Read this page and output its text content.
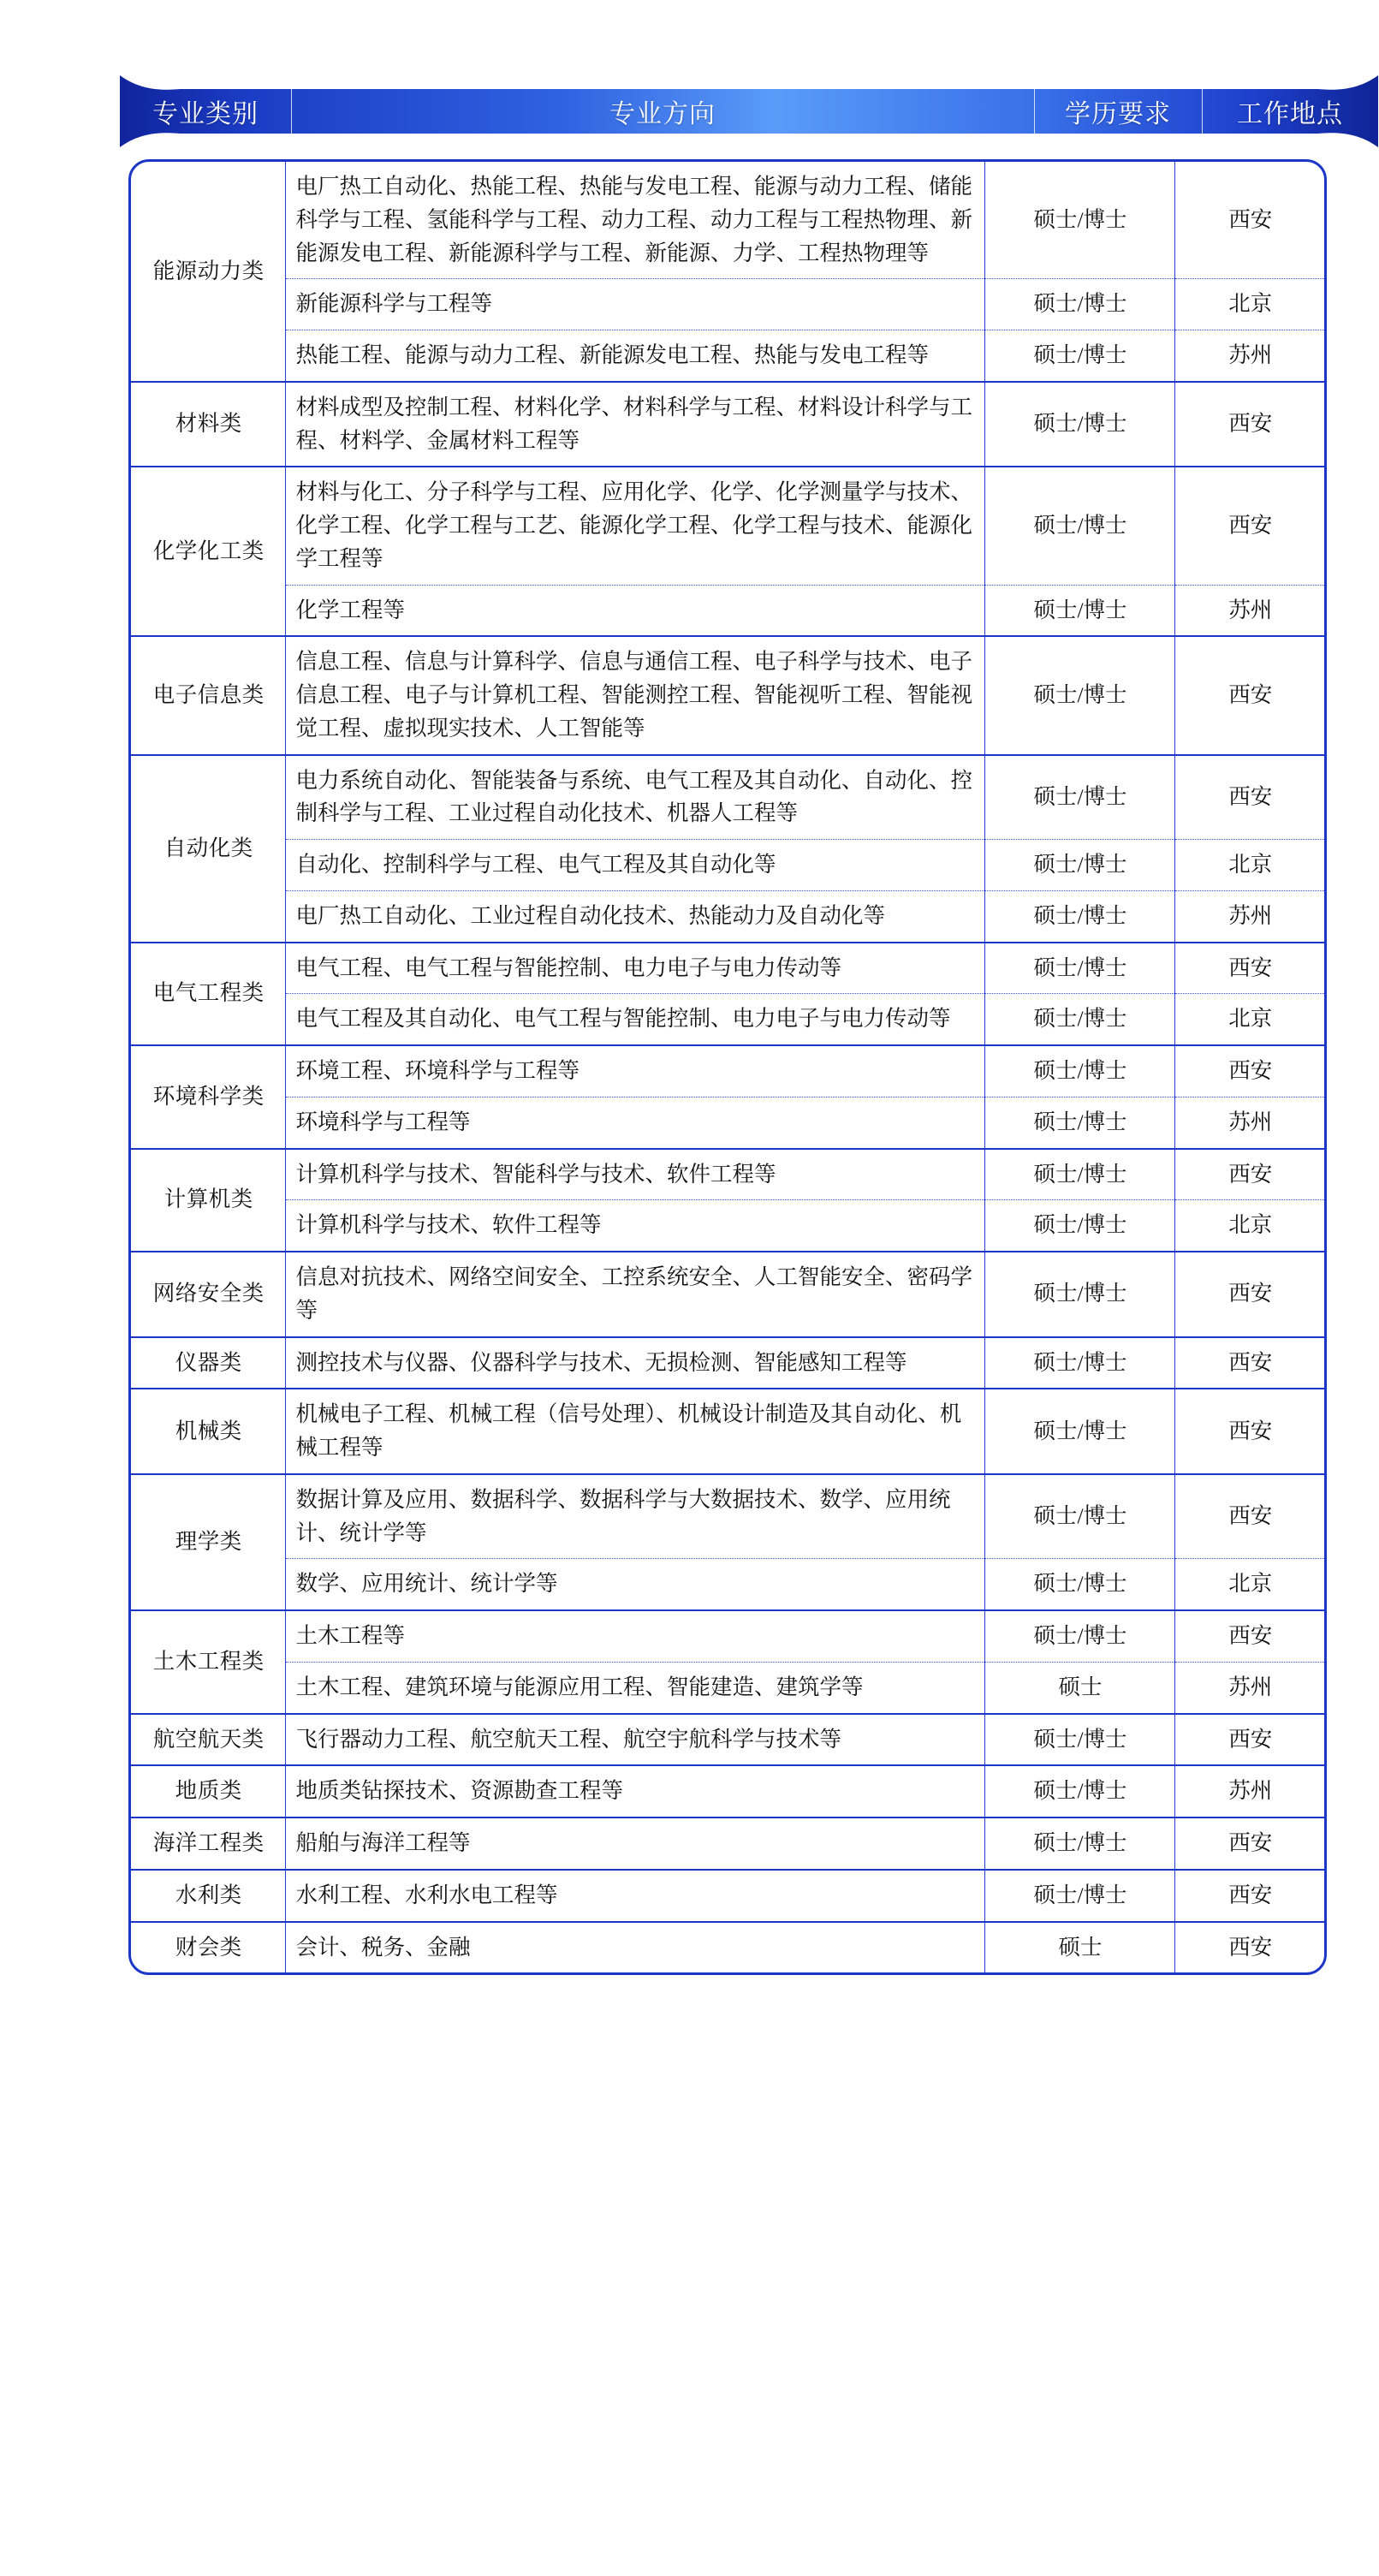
专业类别	专业方向	学历要求	工作地点
能源动力类	电厂热工自动化、热能工程、热能与发电工程、能源与动力工程、储能科学与工程、氢能科学与工程、动力工程、动力工程与工程热物理、新能源发电工程、新能源科学与工程、新能源、力学、工程热物理等	硕士/博士	西安
	新能源科学与工程等	硕士/博士	北京
	热能工程、能源与动力工程、新能源发电工程、热能与发电工程等	硕士/博士	苏州
材料类	材料成型及控制工程、材料化学、材料科学与工程、材料设计科学与工程、材料学、金属材料工程等	硕士/博士	西安
化学化工类	材料与化工、分子科学与工程、应用化学、化学、化学测量学与技术、化学工程、化学工程与工艺、能源化学工程、化学工程与技术、能源化学工程等	硕士/博士	西安
	化学工程等	硕士/博士	苏州
电子信息类	信息工程、信息与计算科学、信息与通信工程、电子科学与技术、电子信息工程、电子与计算机工程、智能测控工程、智能视听工程、智能视觉工程、虚拟现实技术、人工智能等	硕士/博士	西安
自动化类	电力系统自动化、智能装备与系统、电气工程及其自动化、自动化、控制科学与工程、工业过程自动化技术、机器人工程等	硕士/博士	西安
	自动化、控制科学与工程、电气工程及其自动化等	硕士/博士	北京
	电厂热工自动化、工业过程自动化技术、热能动力及自动化等	硕士/博士	苏州
电气工程类	电气工程、电气工程与智能控制、电力电子与电力传动等	硕士/博士	西安
	电气工程及其自动化、电气工程与智能控制、电力电子与电力传动等	硕士/博士	北京
环境科学类	环境工程、环境科学与工程等	硕士/博士	西安
	环境科学与工程等	硕士/博士	苏州
计算机类	计算机科学与技术、智能科学与技术、软件工程等	硕士/博士	西安
	计算机科学与技术、软件工程等	硕士/博士	北京
网络安全类	信息对抗技术、网络空间安全、工控系统安全、人工智能安全、密码学等	硕士/博士	西安
仪器类	测控技术与仪器、仪器科学与技术、无损检测、智能感知工程等	硕士/博士	西安
机械类	机械电子工程、机械工程（信号处理）、机械设计制造及其自动化、机械工程等	硕士/博士	西安
理学类	数据计算及应用、数据科学、数据科学与大数据技术、数学、应用统计、统计学等	硕士/博士	西安
	数学、应用统计、统计学等	硕士/博士	北京
土木工程类	土木工程等	硕士/博士	西安
	土木工程、建筑环境与能源应用工程、智能建造、建筑学等	硕士	苏州
航空航天类	飞行器动力工程、航空航天工程、航空宇航科学与技术等	硕士/博士	西安
地质类	地质类钻探技术、资源勘查工程等	硕士/博士	苏州
海洋工程类	船舶与海洋工程等	硕士/博士	西安
水利类	水利工程、水利水电工程等	硕士/博士	西安
财会类	会计、税务、金融	硕士	西安
